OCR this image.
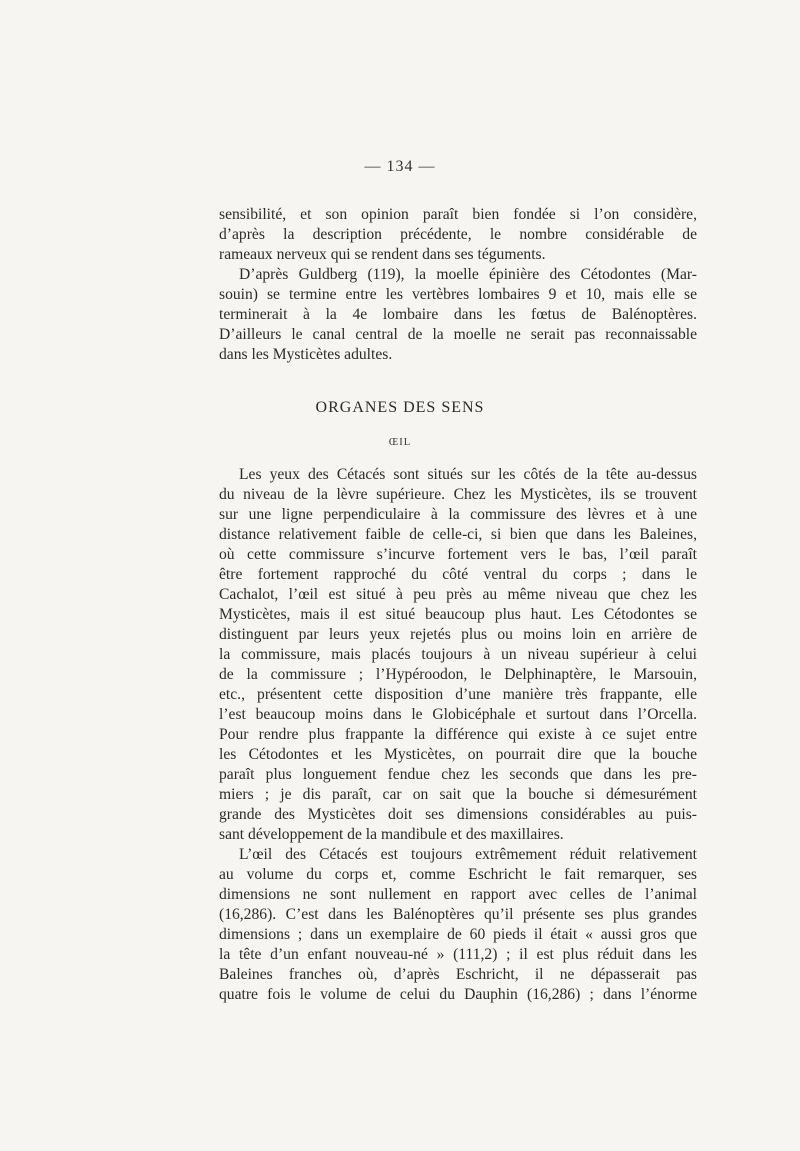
— 134 —
sensibilité, et son opinion paraît bien fondée si l’on considère,
d’après la description précédente, le nombre considérable de
rameaux nerveux qui se rendent dans ses téguments.
D’après Guldberg (119), la moelle épinière des Cétodontes (Mar-
souin) se termine entre les vertèbres lombaires 9 et 10, mais elle se
terminerait à la 4e lombaire dans les fœtus de Balénoptères.
D’ailleurs le canal central de la moelle ne serait pas reconnaissable
dans les Mysticètes adultes.
ORGANES DES SENS
ŒIL
Les yeux des Cétacés sont situés sur les côtés de la tête au-dessus
du niveau de la lèvre supérieure. Chez les Mysticètes, ils se trouvent
sur une ligne perpendiculaire à la commissure des lèvres et à une
distance relativement faible de celle-ci, si bien que dans les Baleines,
où cette commissure s’incurve fortement vers le bas, l’œil paraît
être fortement rapproché du côté ventral du corps ; dans le
Cachalot, l’œil est situé à peu près au même niveau que chez les
Mysticètes, mais il est situé beaucoup plus haut. Les Cétodontes se
distinguent par leurs yeux rejetés plus ou moins loin en arrière de
la commissure, mais placés toujours à un niveau supérieur à celui
de la commissure ; l’Hypéroodon, le Delphinaptère, le Marsouin,
etc., présentent cette disposition d’une manière très frappante, elle
l’est beaucoup moins dans le Globicéphale et surtout dans l’Orcella.
Pour rendre plus frappante la différence qui existe à ce sujet entre
les Cétodontes et les Mysticètes, on pourrait dire que la bouche
paraît plus longuement fendue chez les seconds que dans les pre-
miers ; je dis paraît, car on sait que la bouche si démesurément
grande des Mysticètes doit ses dimensions considérables au puis-
sant développement de la mandibule et des maxillaires.
L’œil des Cétacés est toujours extrêmement réduit relativement
au volume du corps et, comme Eschricht le fait remarquer, ses
dimensions ne sont nullement en rapport avec celles de l’animal
(16,286). C’est dans les Balénoptères qu’il présente ses plus grandes
dimensions ; dans un exemplaire de 60 pieds il était « aussi gros que
la tête d’un enfant nouveau-né » (111,2) ; il est plus réduit dans les
Baleines franches où, d’après Eschricht, il ne dépasserait pas
quatre fois le volume de celui du Dauphin (16,286) ; dans l’énorme
